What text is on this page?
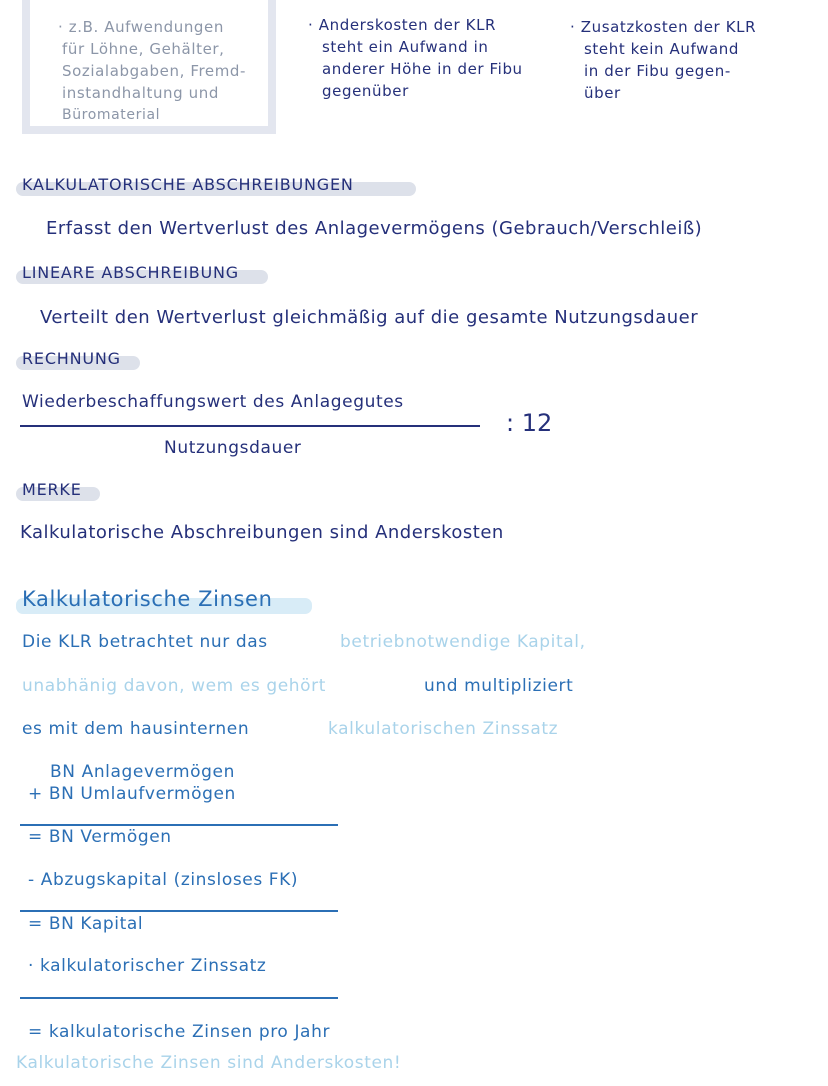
· z.B. Aufwendungen
für Löhne, Gehälter,
Sozialabgaben, Fremd-
instandhaltung und
Büromaterial
· Anderskosten der KLR
steht ein Aufwand in
anderer Höhe in der Fibu
gegenüber
· Zusatzkosten der KLR
steht kein Aufwand
in der Fibu gegen-
über
KALKULATORISCHE ABSCHREIBUNGEN
Erfasst den Wertverlust des Anlagevermögens (Gebrauch/Verschleiß)
LINEARE ABSCHREIBUNG
Verteilt den Wertverlust gleichmäßig auf die gesamte Nutzungsdauer
RECHNUNG
Wiederbeschaffungswert des Anlagegutes
Nutzungsdauer
: 12
MERKE
Kalkulatorische Abschreibungen sind Anderskosten
Kalkulatorische Zinsen
Die KLR betrachtet nur das	betriebnotwendige Kapital,
unabhänig davon, wem es gehört	und multipliziert
es mit dem hausinternen	kalkulatorischen Zinssatz
BN Anlagevermögen
+ BN Umlaufvermögen
= BN Vermögen
- Abzugskapital (zinsloses FK)
= BN Kapital
· kalkulatorischer Zinssatz
= kalkulatorische Zinsen pro Jahr
Kalkulatorische Zinsen sind Anderskosten!
